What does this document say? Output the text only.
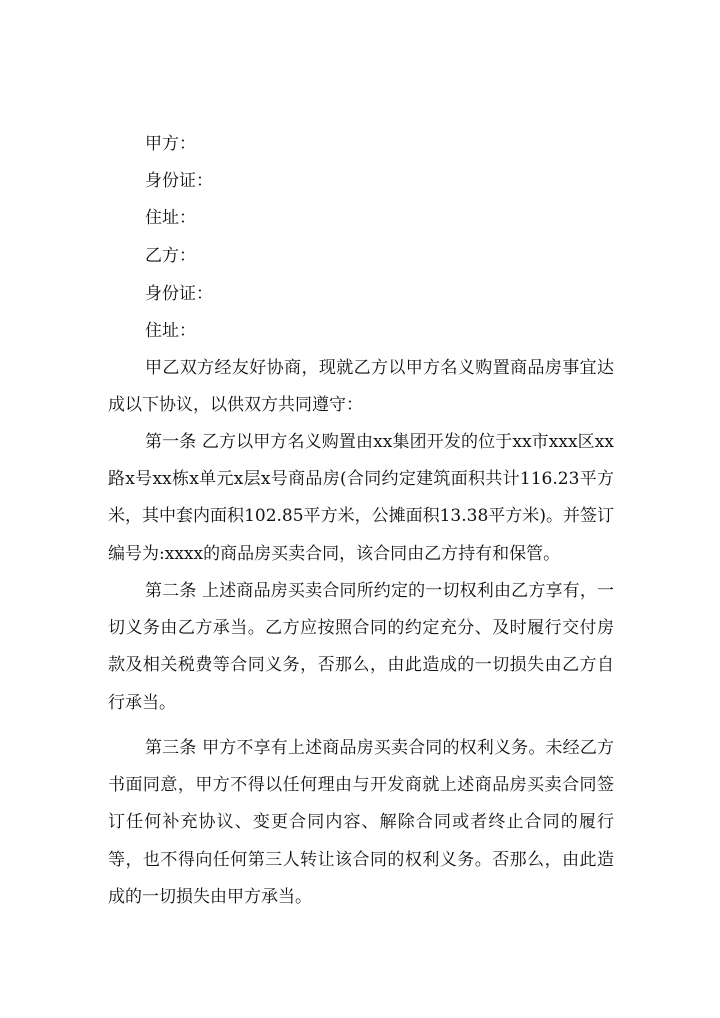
甲方：
身份证：
住址：
乙方：
身份证：
住址：

甲乙双方经友好协商，现就乙方以甲方名义购置商品房事宜达成以下协议，以供双方共同遵守：

第一条 乙方以甲方名义购置由xx集团开发的位于xx市xxx区xx路x号xx栋x单元x层x号商品房(合同约定建筑面积共计116.23平方米，其中套内面积102.85平方米，公摊面积13.38平方米)。并签订编号为:xxxx的商品房买卖合同，该合同由乙方持有和保管。

第二条 上述商品房买卖合同所约定的一切权利由乙方享有，一切义务由乙方承当。乙方应按照合同的约定充分、及时履行交付房款及相关税费等合同义务，否那么，由此造成的一切损失由乙方自行承当。

第三条 甲方不享有上述商品房买卖合同的权利义务。未经乙方书面同意，甲方不得以任何理由与开发商就上述商品房买卖合同签订任何补充协议、变更合同内容、解除合同或者终止合同的履行等，也不得向任何第三人转让该合同的权利义务。否那么，由此造成的一切损失由甲方承当。
